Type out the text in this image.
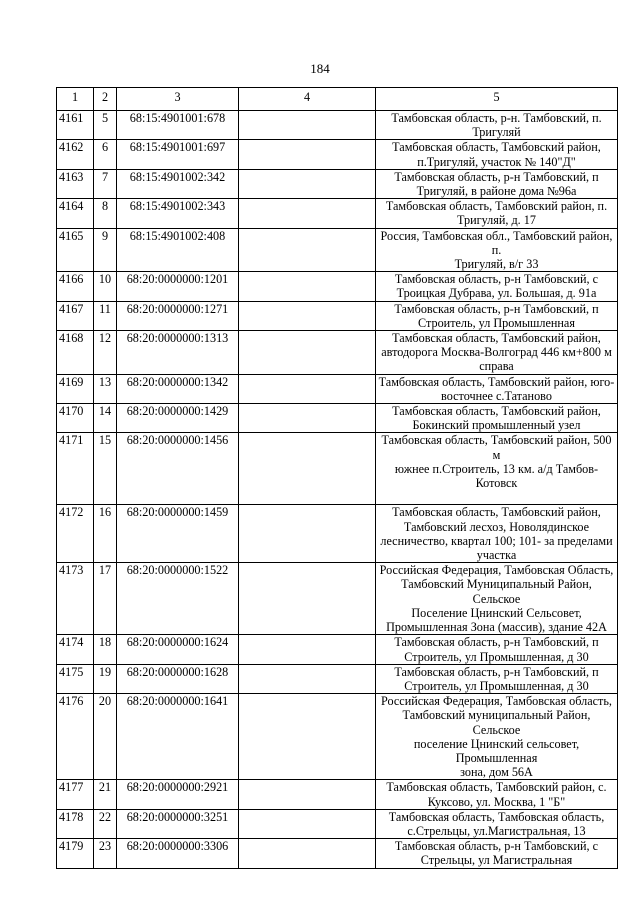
184
1	2	3	4	5
4161	5	68:15:4901001:678		Тамбовская область, р-н. Тамбовский, п.
Тригуляй

4162	6	68:15:4901001:697		Тамбовская область, Тамбовский район,
п.Тригуляй, участок № 140"Д"

4163	7	68:15:4901002:342		Тамбовская область, р-н Тамбовский, п
Тригуляй, в районе дома №96а

4164	8	68:15:4901002:343		Тамбовская область, Тамбовский район, п.
Тригуляй, д. 17

4165	9	68:15:4901002:408		Россия, Тамбовская обл., Тамбовский район, п.
Тригуляй, в/г 33

4166	10	68:20:0000000:1201		Тамбовская область, р-н Тамбовский, с
Троицкая Дубрава, ул. Большая, д. 91а

4167	11	68:20:0000000:1271		Тамбовская область, р-н Тамбовский, п
Строитель, ул Промышленная

4168	12	68:20:0000000:1313		Тамбовская область, Тамбовский район,
автодорога Москва-Волгоград 446 км+800 м
справа

4169	13	68:20:0000000:1342		Тамбовская область, Тамбовский район, юго-
восточнее с.Татаново

4170	14	68:20:0000000:1429		Тамбовская область, Тамбовский район,
Бокинский промышленный узел

4171	15	68:20:0000000:1456		Тамбовская область, Тамбовский район, 500 м
южнее п.Строитель, 13 км. а/д Тамбов-Котовск

4172	16	68:20:0000000:1459		Тамбовская область, Тамбовский район,
Тамбовский лесхоз, Новолядинское
лесничество, квартал 100; 101- за пределами
участка

4173	17	68:20:0000000:1522		Российская Федерация, Тамбовская Область,
Тамбовский Муниципальный Район, Сельское
Поселение Цнинский Сельсовет,
Промышленная Зона (массив), здание 42А

4174	18	68:20:0000000:1624		Тамбовская область, р-н Тамбовский, п
Строитель, ул Промышленная, д 30

4175	19	68:20:0000000:1628		Тамбовская область, р-н Тамбовский, п
Строитель, ул Промышленная, д 30

4176	20	68:20:0000000:1641		Российская Федерация, Тамбовская область,
Тамбовский муниципальный Район, Сельское
поселение Цнинский сельсовет, Промышленная
зона, дом 56А

4177	21	68:20:0000000:2921		Тамбовская область, Тамбовский район, с.
Куксово, ул. Москва, 1 "Б"

4178	22	68:20:0000000:3251		Тамбовская область, Тамбовская область,
с.Стрельцы, ул.Магистральная, 13

4179	23	68:20:0000000:3306		Тамбовская область, р-н Тамбовский, с
Стрельцы, ул Магистральная
